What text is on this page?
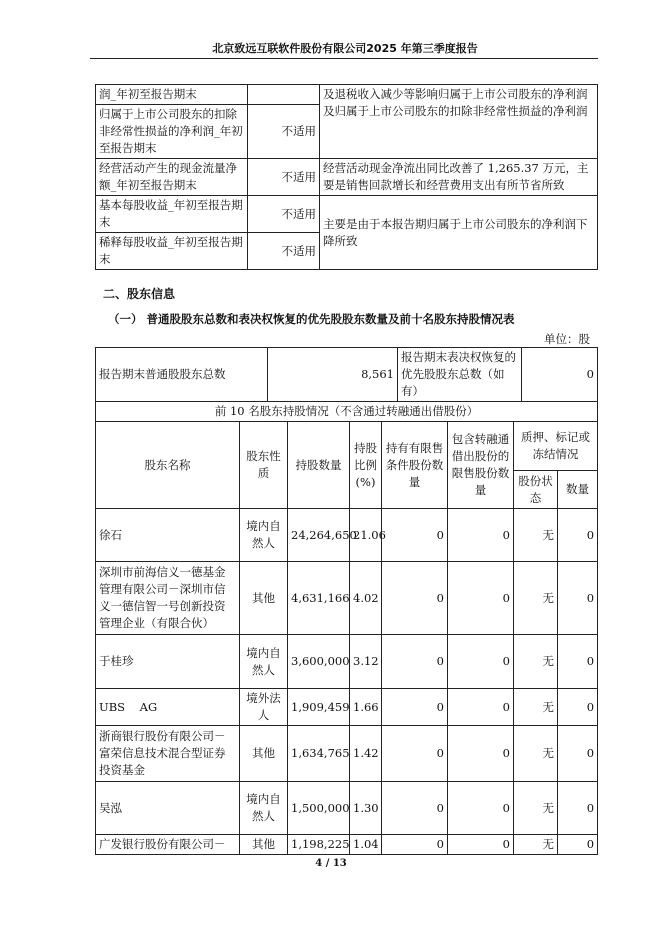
北京致远互联软件股份有限公司2025 年第三季度报告
润_年初至报告期末		及退税收入减少等影响归属于上市公司股东的净利润及归属于上市公司股东的扣除非经常性损益的净利润
归属于上市公司股东的扣除非经常性损益的净利润_年初至报告期末	不适用	
经营活动产生的现金流量净额_年初至报告期末	不适用	经营活动现金净流出同比改善了 1,265.37 万元，主要是销售回款增长和经营费用支出有所节省所致
基本每股收益_年初至报告期末	不适用	主要是由于本报告期归属于上市公司股东的净利润下降所致
稀释每股收益_年初至报告期末	不适用	
二、股东信息
（一） 普通股股东总数和表决权恢复的优先股股东数量及前十名股东持股情况表
单位：股
报告期末普通股股东总数	8,561	报告期末表决权恢复的优先股股东总数（如有）	0
前 10 名股东持股情况（不含通过转融通出借股份）							
股东名称	股东性质	持股数量	持股比例(%)	持有有限售条件股份数量	包含转融通借出股份的限售股份数量	质押、标记或冻结情况	
						股份状态	数量
徐石	境内自然人	24,264,650	21.06	0	0	无	0
深圳市前海信义一德基金管理有限公司－深圳市信义一德信智一号创新投资管理企业（有限合伙）	其他	4,631,166	4.02	0	0	无	0
于桂珍	境内自然人	3,600,000	3.12	0	0	无	0
UBS    AG	境外法人	1,909,459	1.66	0	0	无	0
浙商银行股份有限公司－富荣信息技术混合型证券投资基金	其他	1,634,765	1.42	0	0	无	0
吴泓	境内自然人	1,500,000	1.30	0	0	无	0
广发银行股份有限公司－	其他	1,198,225	1.04	0	0	无	0
4 / 13
